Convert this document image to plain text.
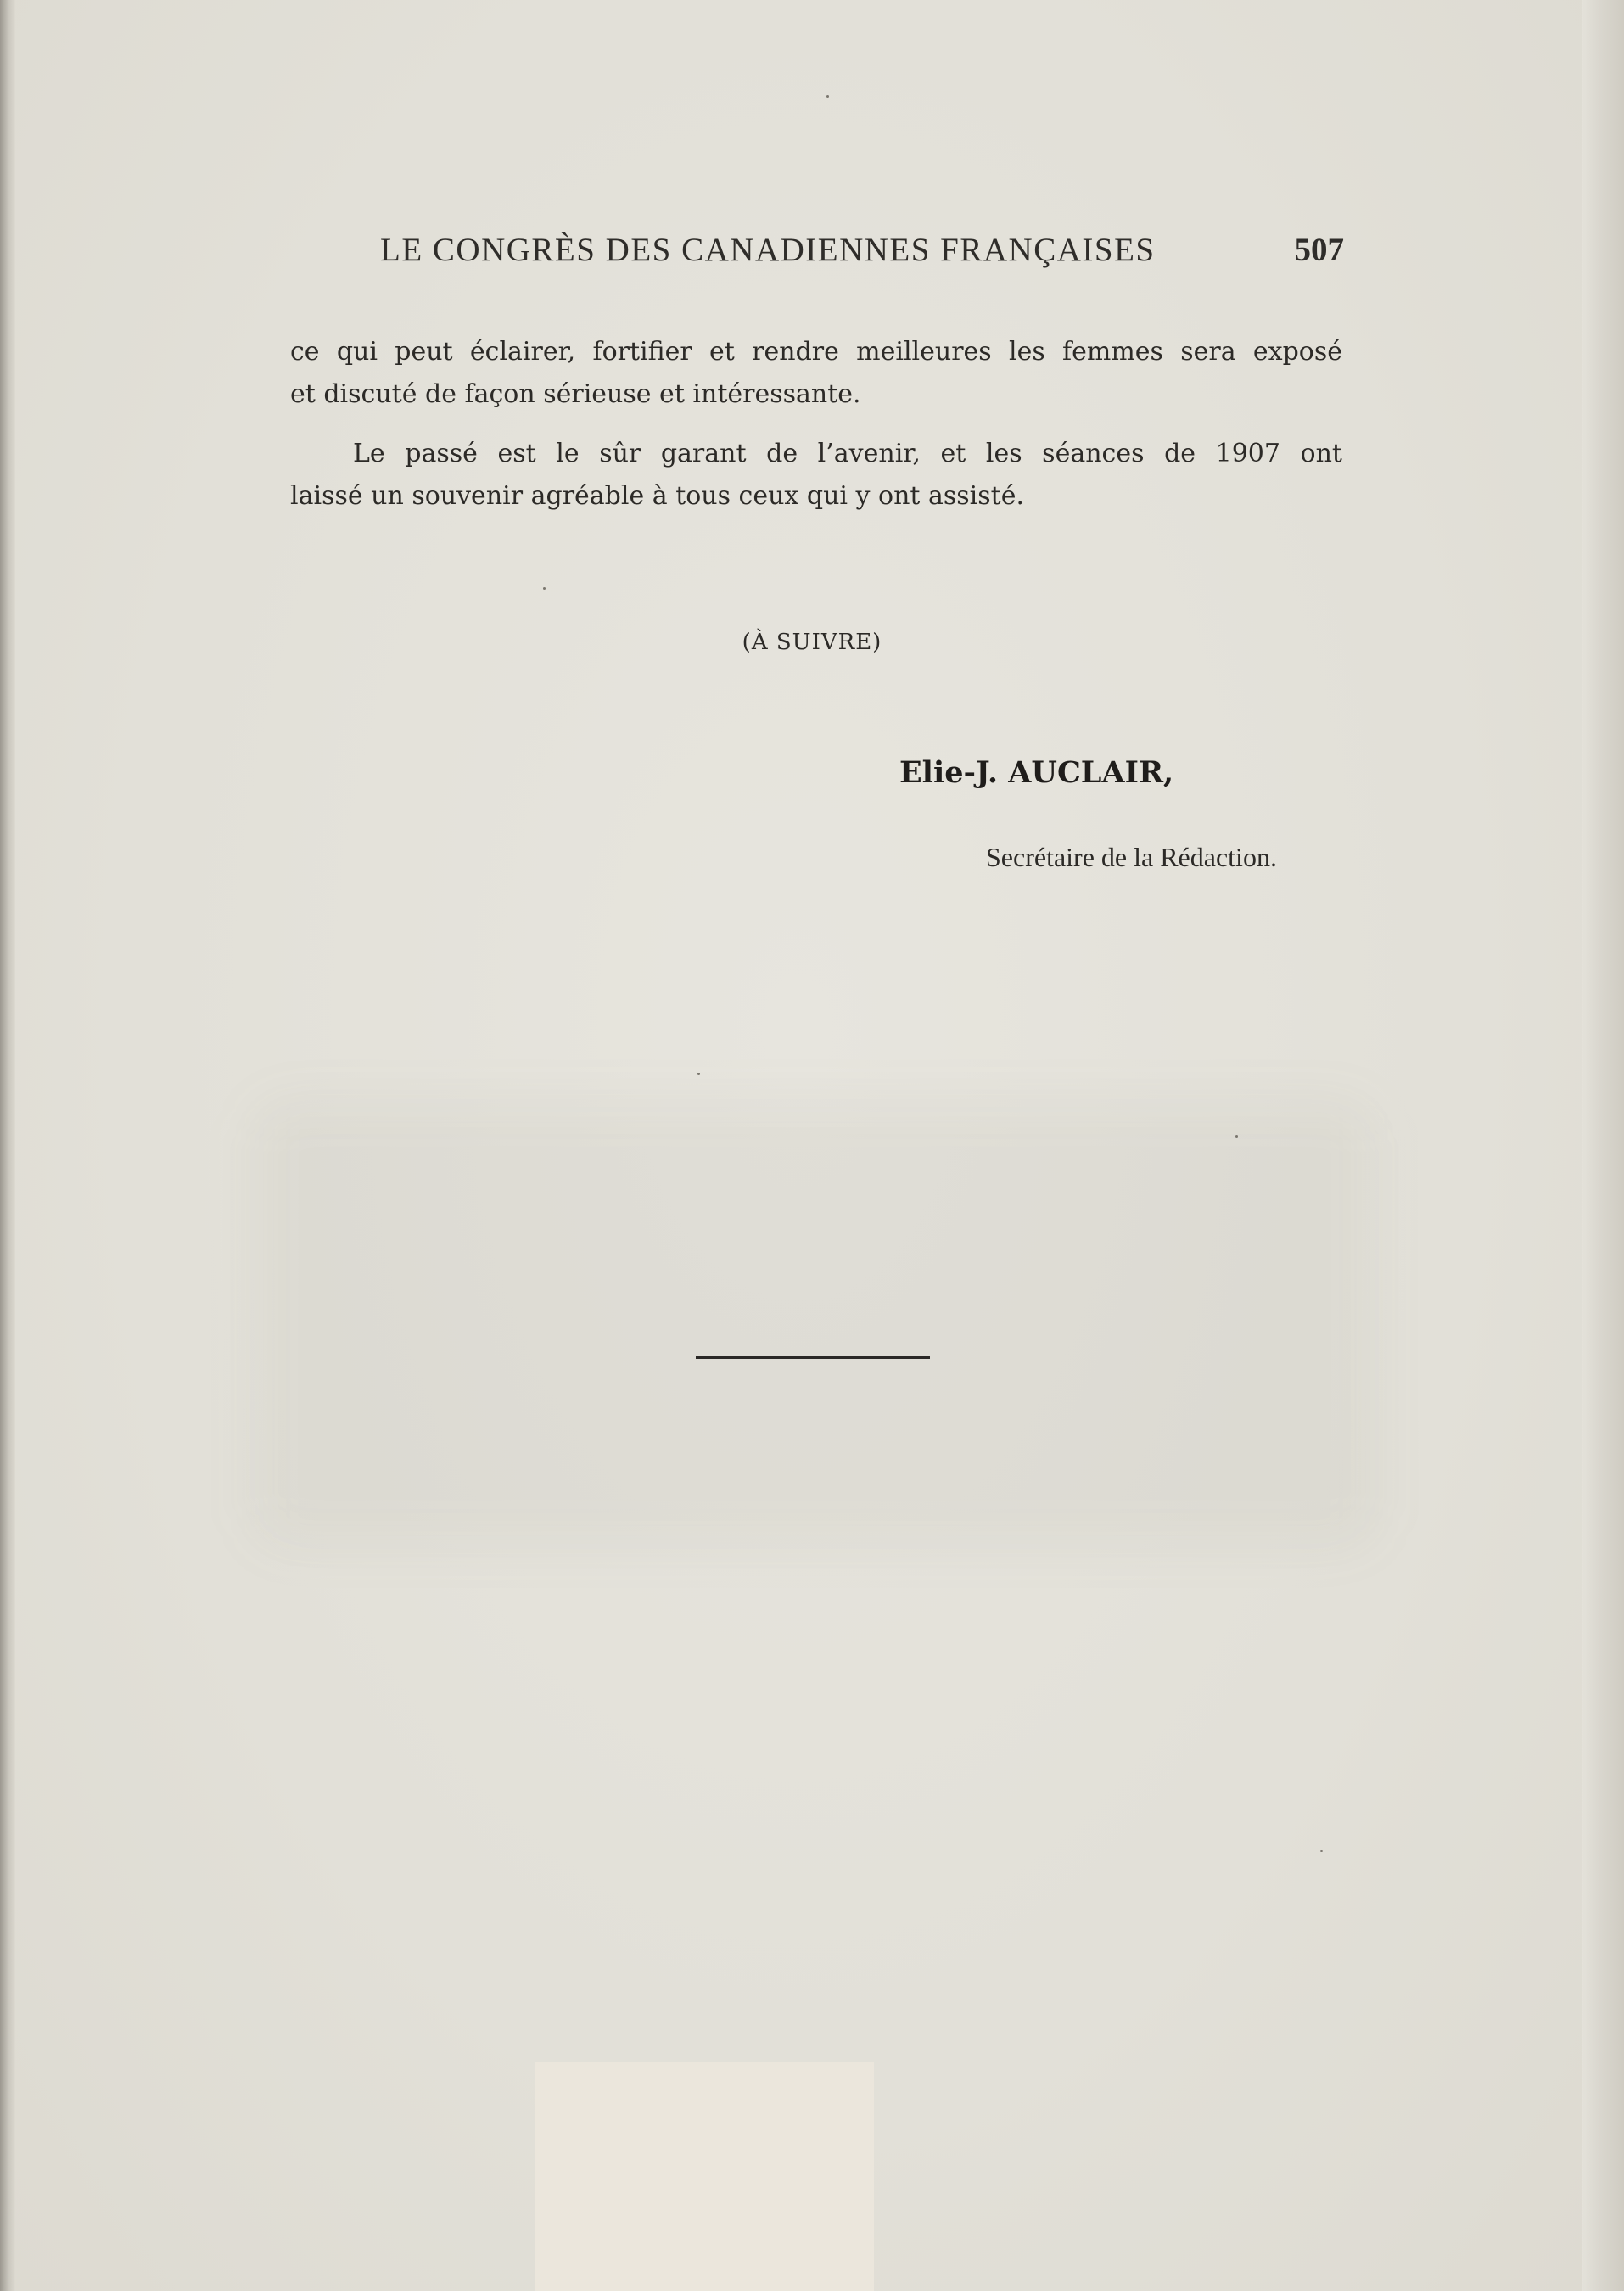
LE CONGRÈS DES CANADIENNES FRANÇAISES	507
ce qui peut éclairer, fortifier et rendre meilleures les femmes sera exposé
et discuté de façon sérieuse et intéressante.
Le passé est le sûr garant de l’avenir, et les séances de 1907 ont
laissé un souvenir agréable à tous ceux qui y ont assisté.
(À SUIVRE)
Elie-J. AUCLAIR,
Secrétaire de la Rédaction.
